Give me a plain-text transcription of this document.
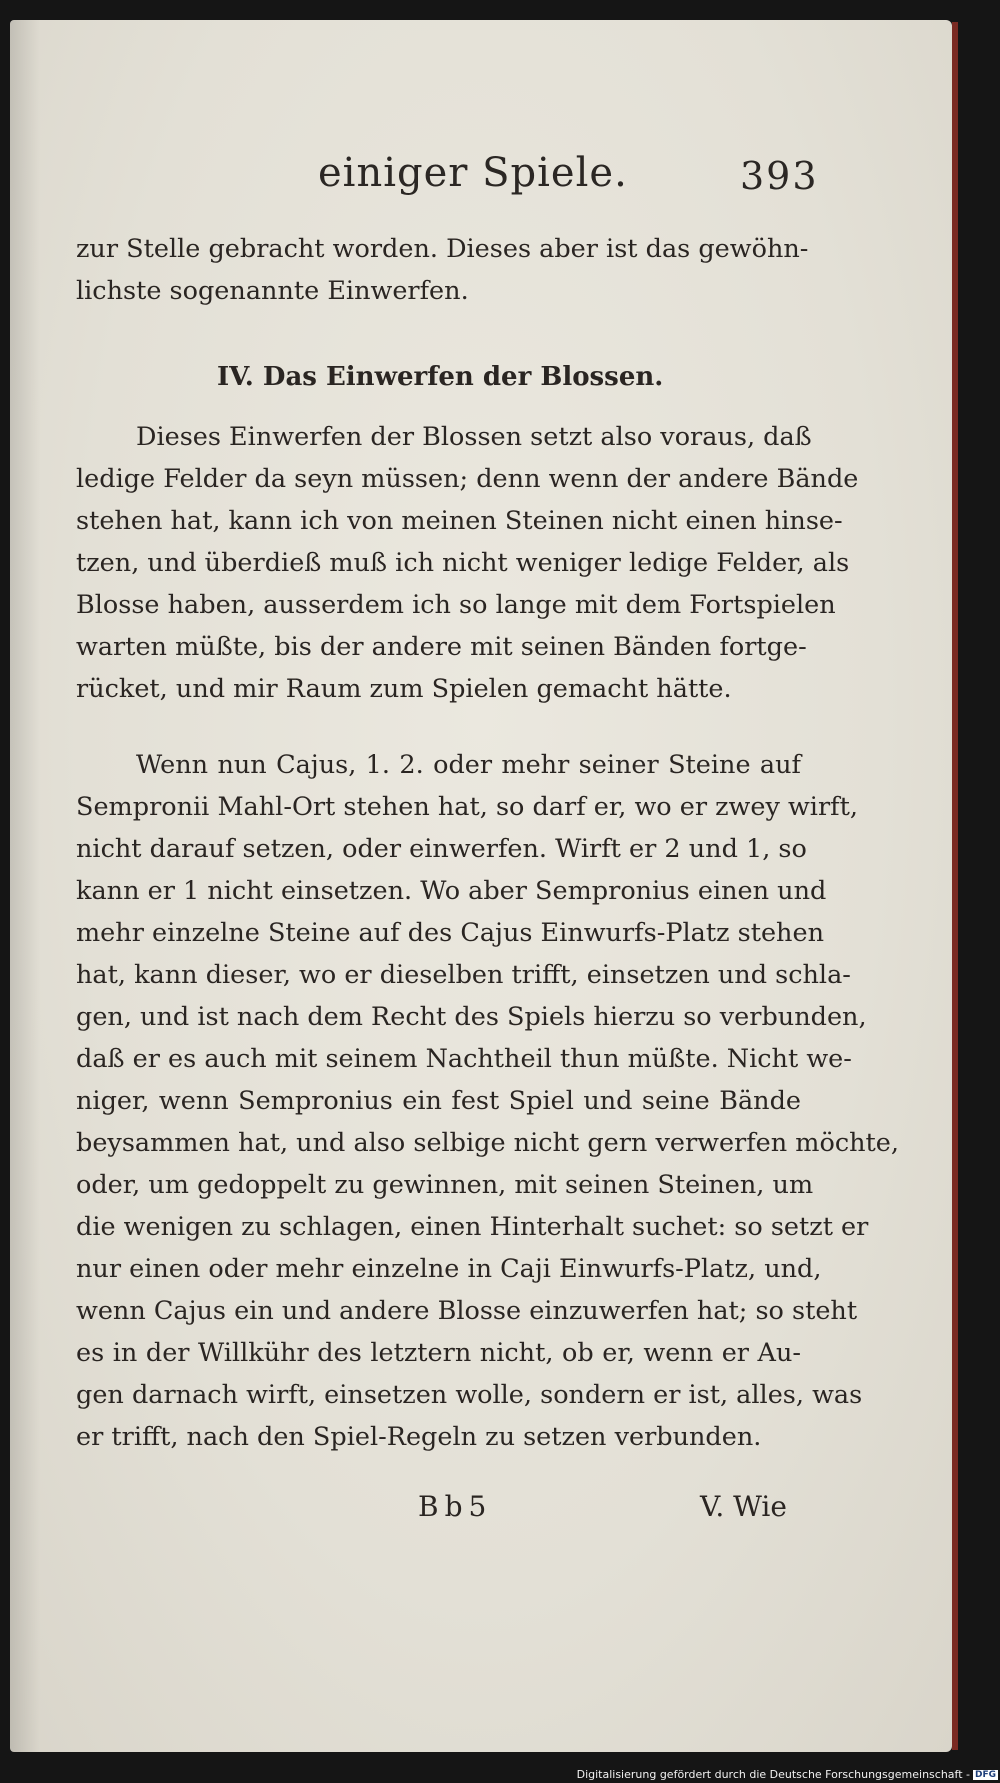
einiger Spiele.	393
zur Stelle gebracht worden. Dieses aber ist das gewöhn-
lichste sogenannte Einwerfen.
IV. Das Einwerfen der Blossen.
Dieses Einwerfen der Blossen setzt also voraus, daß
ledige Felder da seyn müssen; denn wenn der andere Bände
stehen hat, kann ich von meinen Steinen nicht einen hinse-
tzen, und überdieß muß ich nicht weniger ledige Felder, als
Blosse haben, ausserdem ich so lange mit dem Fortspielen
warten müßte, bis der andere mit seinen Bänden fortge-
rücket, und mir Raum zum Spielen gemacht hätte.
Wenn nun Cajus, 1. 2. oder mehr seiner Steine auf
Sempronii Mahl-Ort stehen hat, so darf er, wo er zwey wirft,
nicht darauf setzen, oder einwerfen. Wirft er 2 und 1, so
kann er 1 nicht einsetzen. Wo aber Sempronius einen und
mehr einzelne Steine auf des Cajus Einwurfs-Platz stehen
hat, kann dieser, wo er dieselben trifft, einsetzen und schla-
gen, und ist nach dem Recht des Spiels hierzu so verbunden,
daß er es auch mit seinem Nachtheil thun müßte. Nicht we-
niger, wenn Sempronius ein fest Spiel und seine Bände
beysammen hat, und also selbige nicht gern verwerfen möchte,
oder, um gedoppelt zu gewinnen, mit seinen Steinen, um
die wenigen zu schlagen, einen Hinterhalt suchet: so setzt er
nur einen oder mehr einzelne in Caji Einwurfs-Platz, und,
wenn Cajus ein und andere Blosse einzuwerfen hat; so steht
es in der Willkühr des letztern nicht, ob er, wenn er Au-
gen darnach wirft, einsetzen wolle, sondern er ist, alles, was
er trifft, nach den Spiel-Regeln zu setzen verbunden.
Bb5	V. Wie
Digitalisierung gefördert durch die Deutsche Forschungsgemeinschaft - DFG
